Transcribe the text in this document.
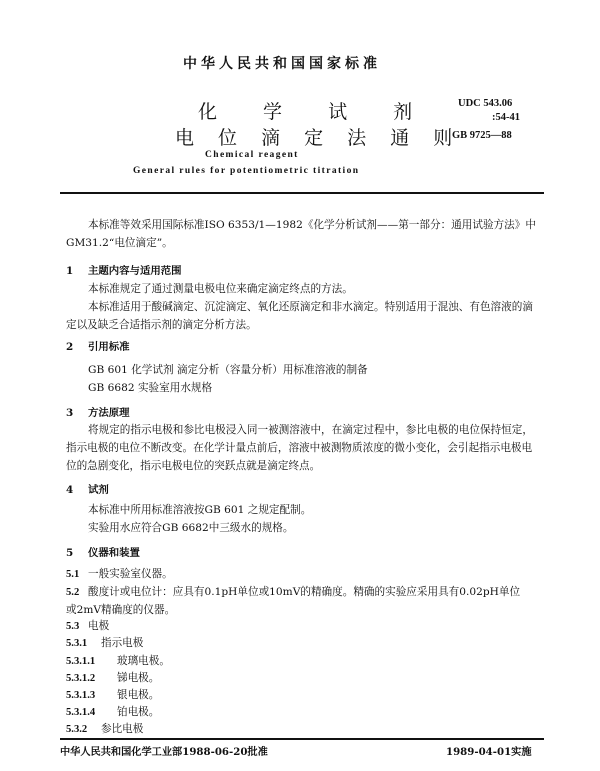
中华人民共和国国家标准
化 学 试 剂
电 位 滴 定 法 通 则
UDC 543.06
:54-41
GB 9725—88
Chemical reagent
General rules for potentiometric titration
本标准等效采用国际标准ISO 6353/1—1982《化学分析试剂——第一部分：通用试验方法》中
GM31.2“电位滴定”。
1 主题内容与适用范围
本标准规定了通过测量电极电位来确定滴定终点的方法。
本标准适用于酸碱滴定、沉淀滴定、氧化还原滴定和非水滴定。特别适用于混浊、有色溶液的滴
定以及缺乏合适指示剂的滴定分析方法。
2 引用标准
GB 601 化学试剂 滴定分析（容量分析）用标准溶液的制备
GB 6682 实验室用水规格
3 方法原理
将规定的指示电极和参比电极浸入同一被测溶液中，在滴定过程中，参比电极的电位保持恒定，
指示电极的电位不断改变。在化学计量点前后，溶液中被测物质浓度的微小变化，会引起指示电极电
位的急剧变化，指示电极电位的突跃点就是滴定终点。
4 试剂
本标准中所用标准溶液按GB 601 之规定配制。
实验用水应符合GB 6682中三级水的规格。
5 仪器和装置
5.1 一般实验室仪器。
5.2 酸度计或电位计：应具有0.1pH单位或10mV的精确度。精确的实验应采用具有0.02pH单位
或2mV精确度的仪器。
5.3 电极
5.3.1 指示电极
5.3.1.1 玻璃电极。
5.3.1.2 锑电极。
5.3.1.3 银电极。
5.3.1.4 铂电极。
5.3.2 参比电极
中华人民共和国化学工业部1988-06-20批准	1989-04-01实施
